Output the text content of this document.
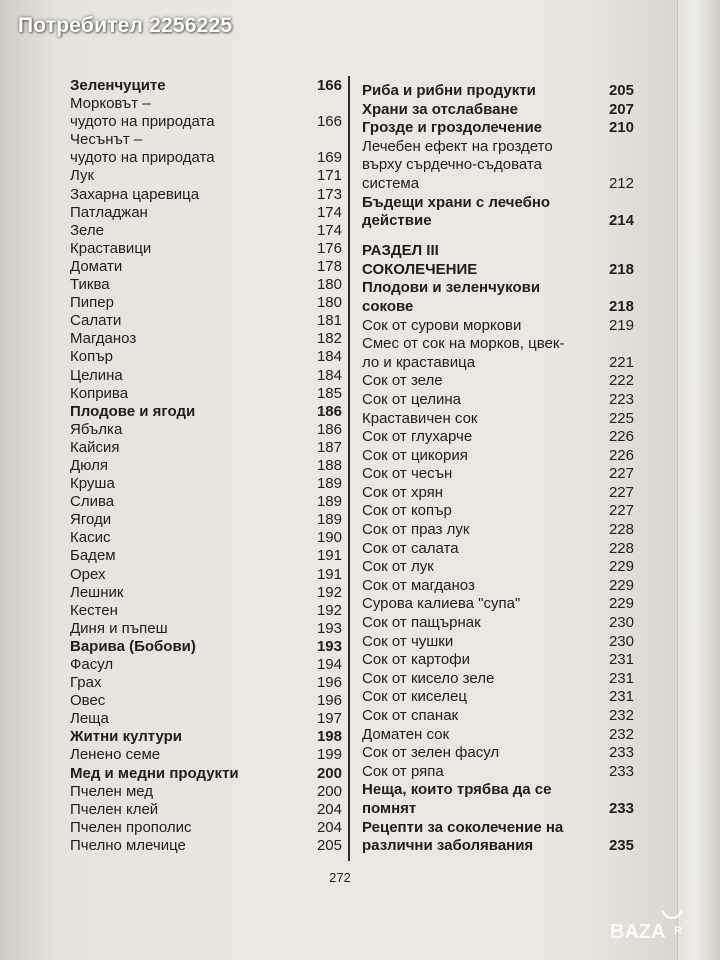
Потребител 2256225
Зеленчуците	166
Морковът –
чудото на природата	166
Чесънът –
чудото на природата	169
Лук	171
Захарна царевица	173
Патладжан	174
Зеле	174
Краставици	176
Домати	178
Тиква	180
Пипер	180
Салати	181
Магданоз	182
Копър	184
Целина	184
Коприва	185
Плодове и ягоди	186
Ябълка	186
Кайсия	187
Дюля	188
Круша	189
Слива	189
Ягоди	189
Касис	190
Бадем	191
Орех	191
Лешник	192
Кестен	192
Диня и пъпеш	193
Варива (Бобови)	193
Фасул	194
Грах	196
Овес	196
Леща	197
Житни култури	198
Ленено семе	199
Мед и медни продукти	200
Пчелен мед	200
Пчелен клей	204
Пчелен прополис	204
Пчелно млечице	205
Риба и рибни продукти	205
Храни за отслабване	207
Грозде и гроздолечение	210
Лечебен ефект на гроздето
върху сърдечно-съдовата
система	212
Бъдещи храни с лечебно
действие	214
РАЗДЕЛ III
СОКОЛЕЧЕНИЕ	218
Плодови и зеленчукови
сокове	218
Сок от сурови моркови	219
Смес от сок на морков, цвек-
ло и краставица	221
Сок от зеле	222
Сок от целина	223
Краставичен сок	225
Сок от глухарче	226
Сок от цикория	226
Сок от чесън	227
Сок от хрян	227
Сок от копър	227
Сок от праз лук	228
Сок от салата	228
Сок от лук	229
Сок от магданоз	229
Сурова калиева "супа"	229
Сок от пащърнак	230
Сок от чушки	230
Сок от картофи	231
Сок от кисело зеле	231
Сок от киселец	231
Сок от спанак	232
Доматен сок	232
Сок от зелен фасул	233
Сок от ряпа	233
Неща, които трябва да се
помнят	233
Рецепти за соколечение на
различни заболявания	235
272
BAZA R
